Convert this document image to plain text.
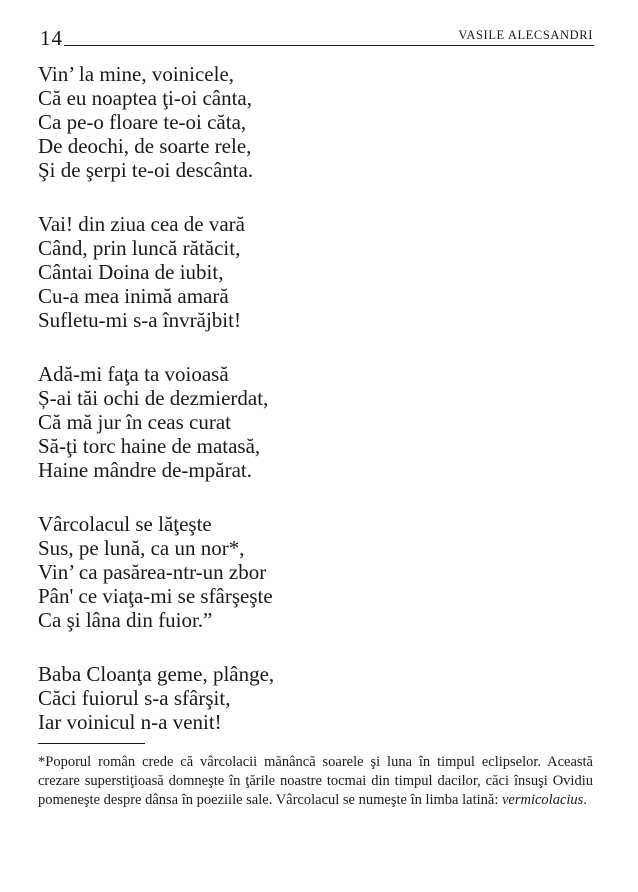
14	VASILE ALECSANDRI
Vin’ la mine, voinicele,
Că eu noaptea ţi-oi cânta,
Ca pe-o floare te-oi căta,
De deochi, de soarte rele,
Şi de şerpi te-oi descânta.
Vai! din ziua cea de vară
Când, prin luncă rătăcit,
Cântai Doina de iubit,
Cu-a mea inimă amară
Sufletu-mi s-a învrăjbit!
Adă-mi faţa ta voioasă
Ș-ai tăi ochi de dezmierdat,
Că mă jur în ceas curat
Să-ţi torc haine de matasă,
Haine mândre de-mpărat.
Vârcolacul se lăţeşte
Sus, pe lună, ca un nor*,
Vin’ ca pasărea-ntr-un zbor
Pân' ce viaţa-mi se sfârşeşte
Ca şi lâna din fuior.”
Baba Cloanţa geme, plânge,
Căci fuiorul s-a sfârşit,
Iar voinicul n-a venit!
*Poporul român crede că vârcolacii mănâncă soarele şi luna în timpul eclipselor. Această crezare superstiţioasă domneşte în ţările noastre tocmai din timpul dacilor, căci însuşi Ovidiu pomeneşte despre dânsa în poeziile sale. Vârcolacul se numeşte în limba latină: vermicolacius.
